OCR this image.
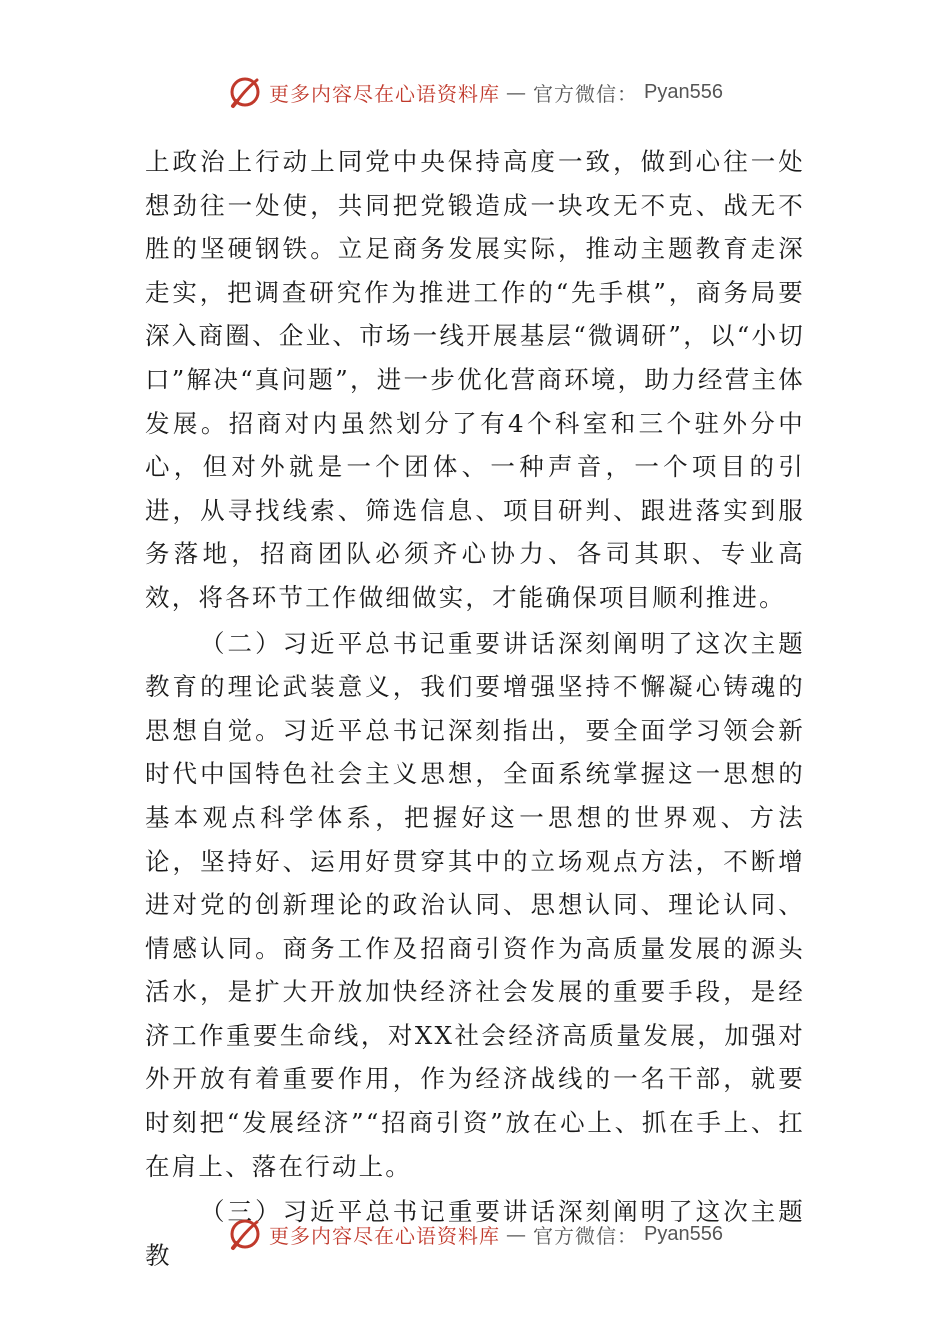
更多内容尽在心语资料库 — 官方微信： Pyan556

上政治上行动上同党中央保持高度一致，做到心往一处想劲往一处使，共同把党锻造成一块攻无不克、战无不胜的坚硬钢铁。立足商务发展实际，推动主题教育走深走实，把调查研究作为推进工作的“先手棋”，商务局要深入商圈、企业、市场一线开展基层“微调研”，以“小切口”解决“真问题”，进一步优化营商环境，助力经营主体发展。招商对内虽然划分了有4个科室和三个驻外分中心，但对外就是一个团体、一种声音，一个项目的引进，从寻找线索、筛选信息、项目研判、跟进落实到服务落地，招商团队必须齐心协力、各司其职、专业高效，将各环节工作做细做实，才能确保项目顺利推进。

（二）习近平总书记重要讲话深刻阐明了这次主题教育的理论武装意义，我们要增强坚持不懈凝心铸魂的思想自觉。习近平总书记深刻指出，要全面学习领会新时代中国特色社会主义思想，全面系统掌握这一思想的基本观点科学体系，把握好这一思想的世界观、方法论，坚持好、运用好贯穿其中的立场观点方法，不断增进对党的创新理论的政治认同、思想认同、理论认同、情感认同。商务工作及招商引资作为高质量发展的源头活水，是扩大开放加快经济社会发展的重要手段，是经济工作重要生命线，对XX社会经济高质量发展，加强对外开放有着重要作用，作为经济战线的一名干部，就要时刻把“发展经济”“招商引资”放在心上、抓在手上、扛在肩上、落在行动上。

（三）习近平总书记重要讲话深刻阐明了这次主题教

更多内容尽在心语资料库 — 官方微信： Pyan556
